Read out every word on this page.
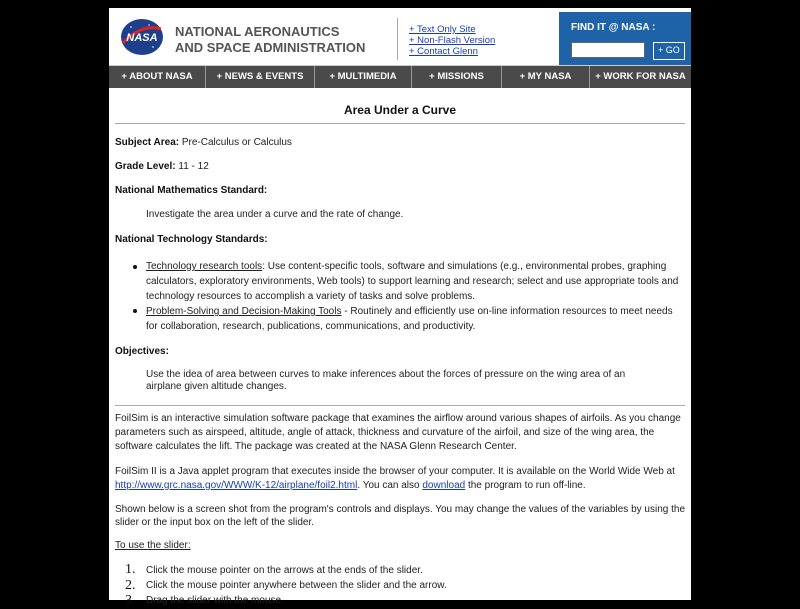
NASA NATIONAL AERONAUTICS
AND SPACE ADMINISTRATION
+ Text Only Site
+ Non-Flash Version
+ Contact Glenn
FIND IT @ NASA :
+ GO
+ ABOUT NASA	+ NEWS & EVENTS	+ MULTIMEDIA	+ MISSIONS	+ MY NASA	+ WORK FOR NASA
Area Under a Curve
Subject Area: Pre-Calculus or Calculus
Grade Level: 11 - 12
National Mathematics Standard:
Investigate the area under a curve and the rate of change.
National Technology Standards:
Technology research tools: Use content-specific tools, software and simulations (e.g., environmental probes, graphing calculators, exploratory environments, Web tools) to support learning and research; select and use appropriate tools and technology resources to accomplish a variety of tasks and solve problems.
Problem-Solving and Decision-Making Tools - Routinely and efficiently use on-line information resources to meet needs for collaboration, research, publications, communications, and productivity.
Objectives:
Use the idea of area between curves to make inferences about the forces of pressure on the wing area of an airplane given altitude changes.
FoilSim is an interactive simulation software package that examines the airflow around various shapes of airfoils. As you change parameters such as airspeed, altitude, angle of attack, thickness and curvature of the airfoil, and size of the wing area, the software calculates the lift. The package was created at the NASA Glenn Research Center.
FoilSim II is a Java applet program that executes inside the browser of your computer. It is available on the World Wide Web at http://www.grc.nasa.gov/WWW/K-12/airplane/foil2.html. You can also download the program to run off-line.
Shown below is a screen shot from the program's controls and displays. You may change the values of the variables by using the slider or the input box on the left of the slider.
To use the slider:
1. Click the mouse pointer on the arrows at the ends of the slider.
2. Click the mouse pointer anywhere between the slider and the arrow.
3. Drag the slider with the mouse.
